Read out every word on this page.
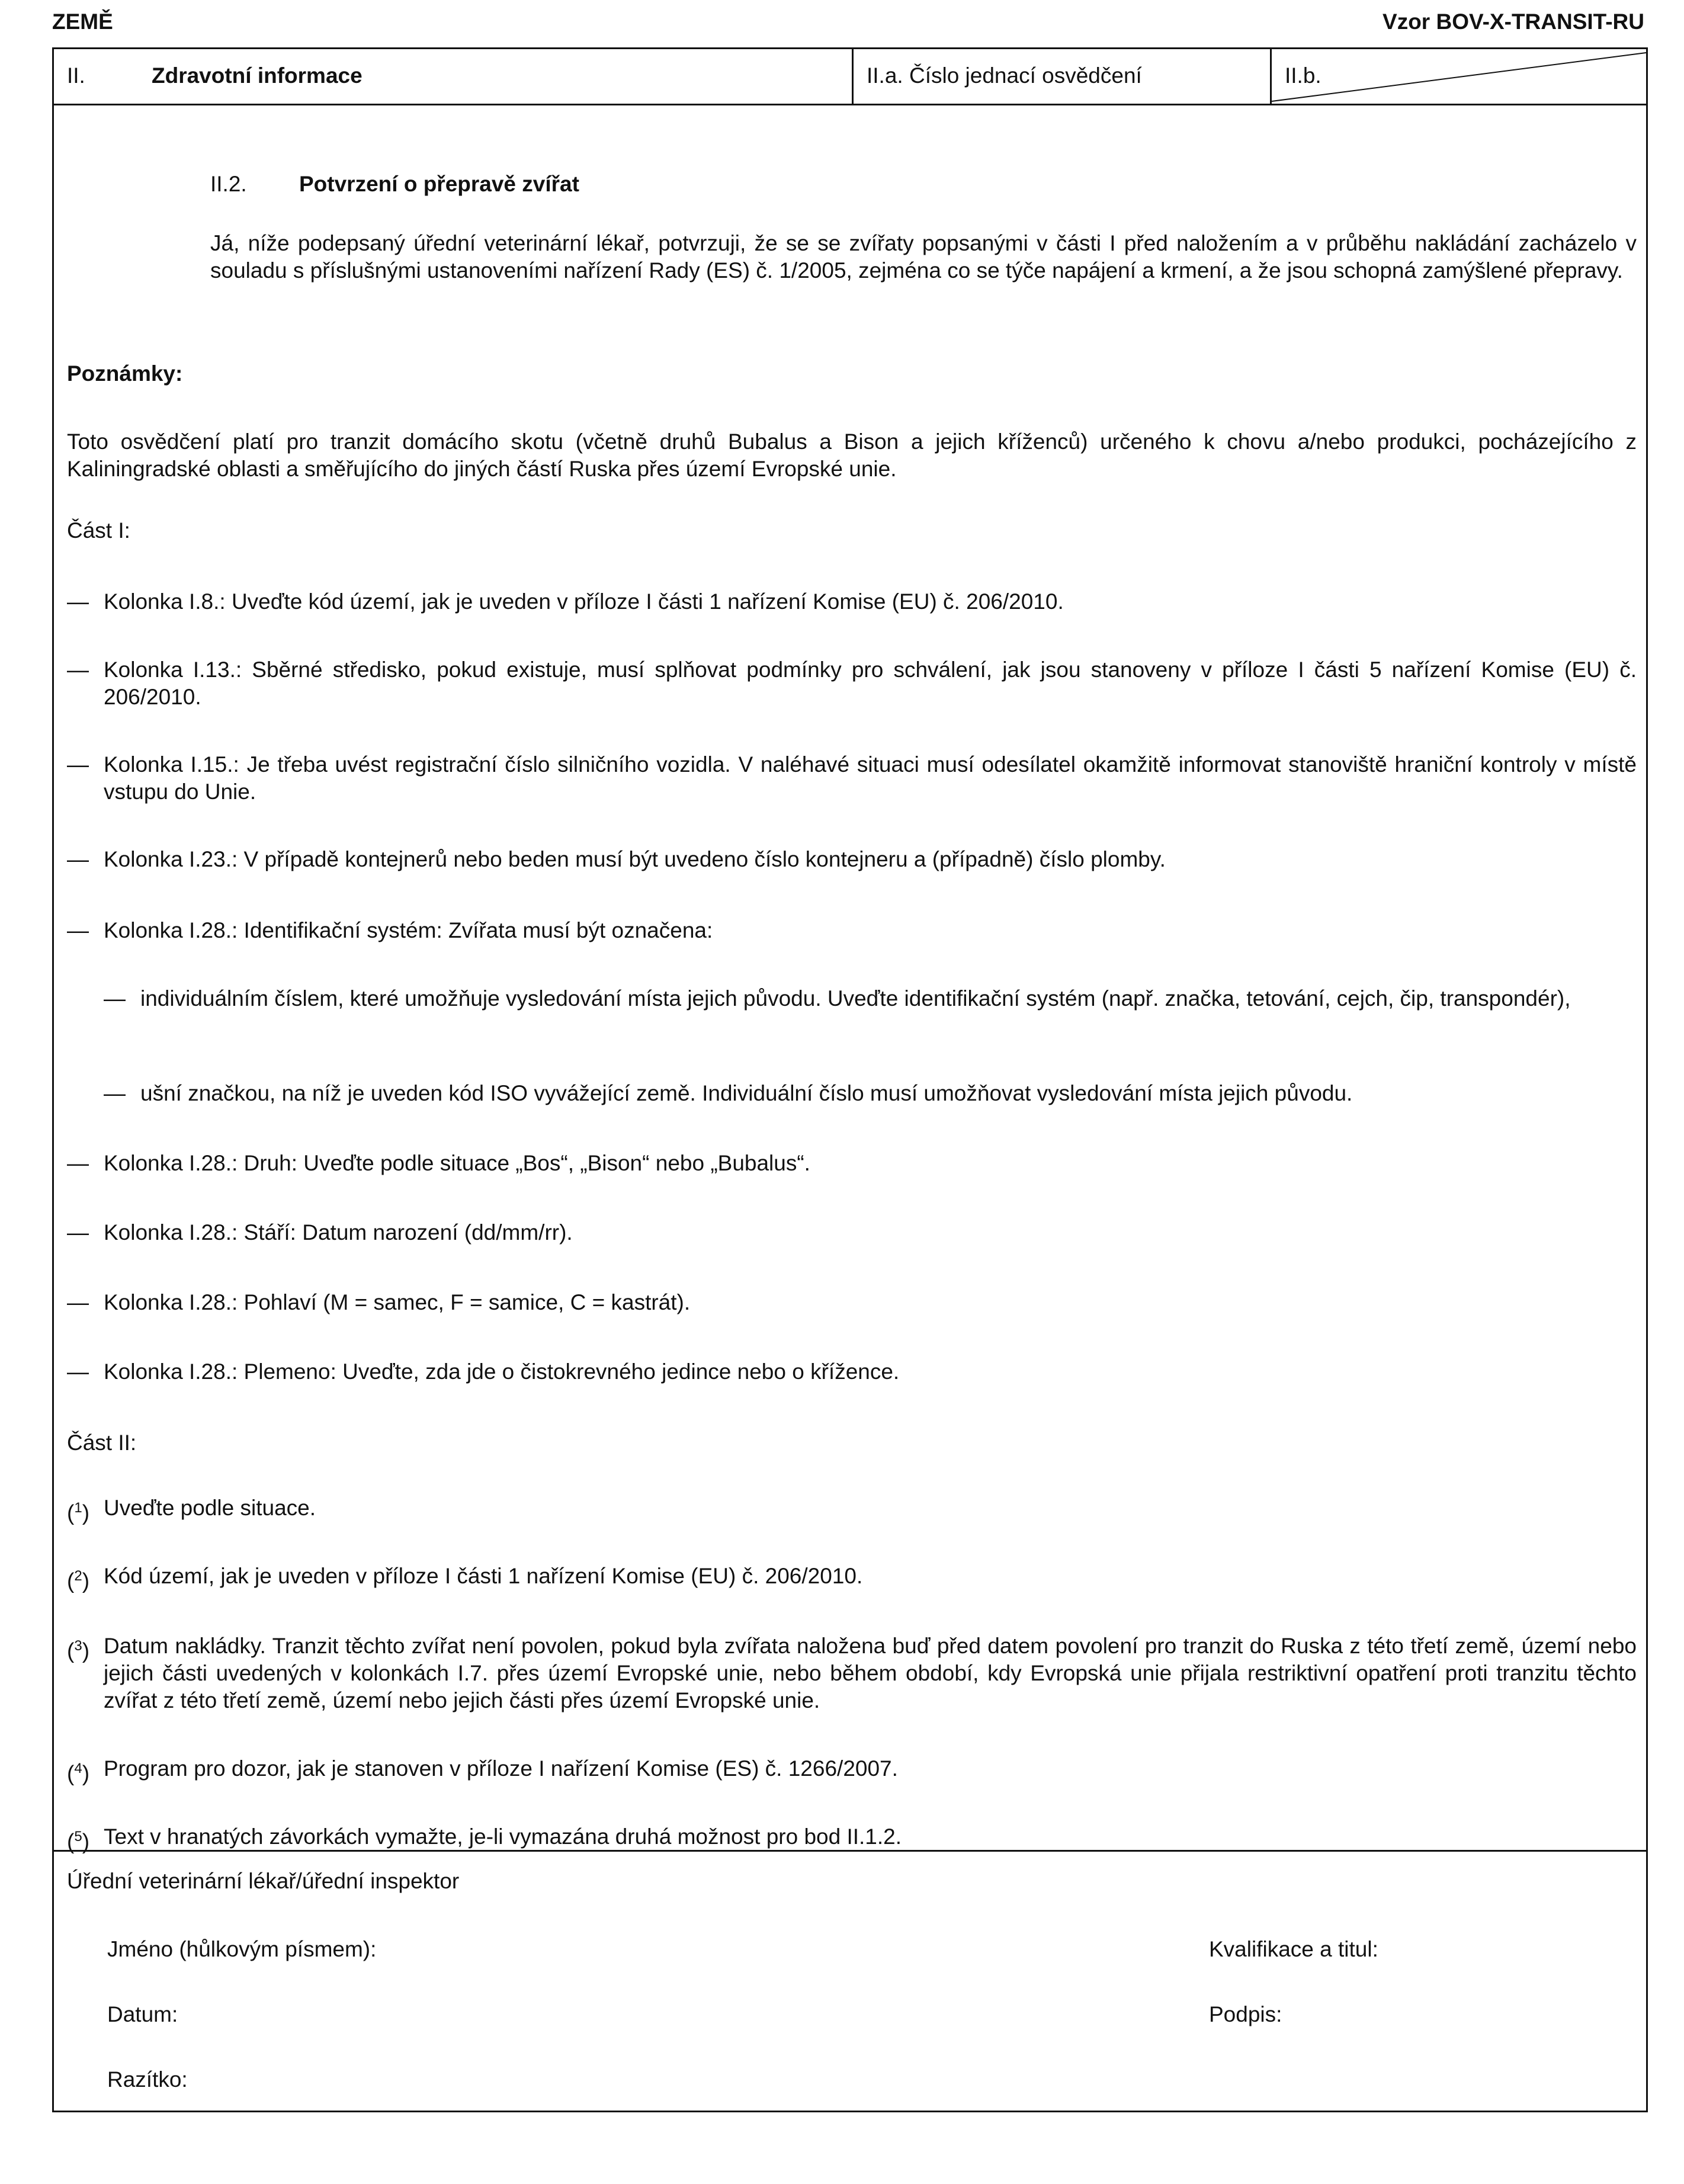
ZEMĚ	Vzor BOV-X-TRANSIT-RU
II.	Zdravotní informace	II.a. Číslo jednací osvědčení	II.b.

II.2. Potvrzení o přepravě zvířat

Já, níže podepsaný úřední veterinární lékař, potvrzuji, že se se zvířaty popsanými v části I před naložením a v průběhu nakládání zacházelo v souladu s příslušnými ustanoveními nařízení Rady (ES) č. 1/2005, zejména co se týče napájení a krmení, a že jsou schopná zamýšlené přepravy.

Poznámky:

Toto osvědčení platí pro tranzit domácího skotu (včetně druhů Bubalus a Bison a jejich kříženců) určeného k chovu a/nebo produkci, pocházejícího z Kaliningradské oblasti a směřujícího do jiných částí Ruska přes území Evropské unie.

Část I:

— Kolonka I.8.: Uveďte kód území, jak je uveden v příloze I části 1 nařízení Komise (EU) č. 206/2010.
— Kolonka I.13.: Sběrné středisko, pokud existuje, musí splňovat podmínky pro schválení, jak jsou stanoveny v příloze I části 5 nařízení Komise (EU) č. 206/2010.
— Kolonka I.15.: Je třeba uvést registrační číslo silničního vozidla. V naléhavé situaci musí odesílatel okamžitě informovat stanoviště hraniční kontroly v místě vstupu do Unie.
— Kolonka I.23.: V případě kontejnerů nebo beden musí být uvedeno číslo kontejneru a (případně) číslo plomby.
— Kolonka I.28.: Identifikační systém: Zvířata musí být označena:
— individuálním číslem, které umožňuje vysledování místa jejich původu. Uveďte identifikační systém (např. značka, tetování, cejch, čip, transpondér),
— ušní značkou, na níž je uveden kód ISO vyvážející země. Individuální číslo musí umožňovat vysledování místa jejich původu.
— Kolonka I.28.: Druh: Uveďte podle situace „Bos“, „Bison“ nebo „Bubalus“.
— Kolonka I.28.: Stáří: Datum narození (dd/mm/rr).
— Kolonka I.28.: Pohlaví (M = samec, F = samice, C = kastrát).
— Kolonka I.28.: Plemeno: Uveďte, zda jde o čistokrevného jedince nebo o křížence.

Část II:

($^1$) Uveďte podle situace.
($^2$) Kód území, jak je uveden v příloze I části 1 nařízení Komise (EU) č. 206/2010.
($^3$) Datum nakládky. Tranzit těchto zvířat není povolen, pokud byla zvířata naložena buď před datem povolení pro tranzit do Ruska z této třetí země, území nebo jejich části uvedených v kolonkách I.7. přes území Evropské unie, nebo během období, kdy Evropská unie přijala restriktivní opatření proti tranzitu těchto zvířat z této třetí země, území nebo jejich části přes území Evropské unie.
($^4$) Program pro dozor, jak je stanoven v příloze I nařízení Komise (ES) č. 1266/2007.
($^5$) Text v hranatých závorkách vymažte, je-li vymazána druhá možnost pro bod II.1.2.

Úřední veterinární lékař/úřední inspektor

Jméno (hůlkovým písmem):	Kvalifikace a titul:

Datum:	Podpis:

Razítko:
